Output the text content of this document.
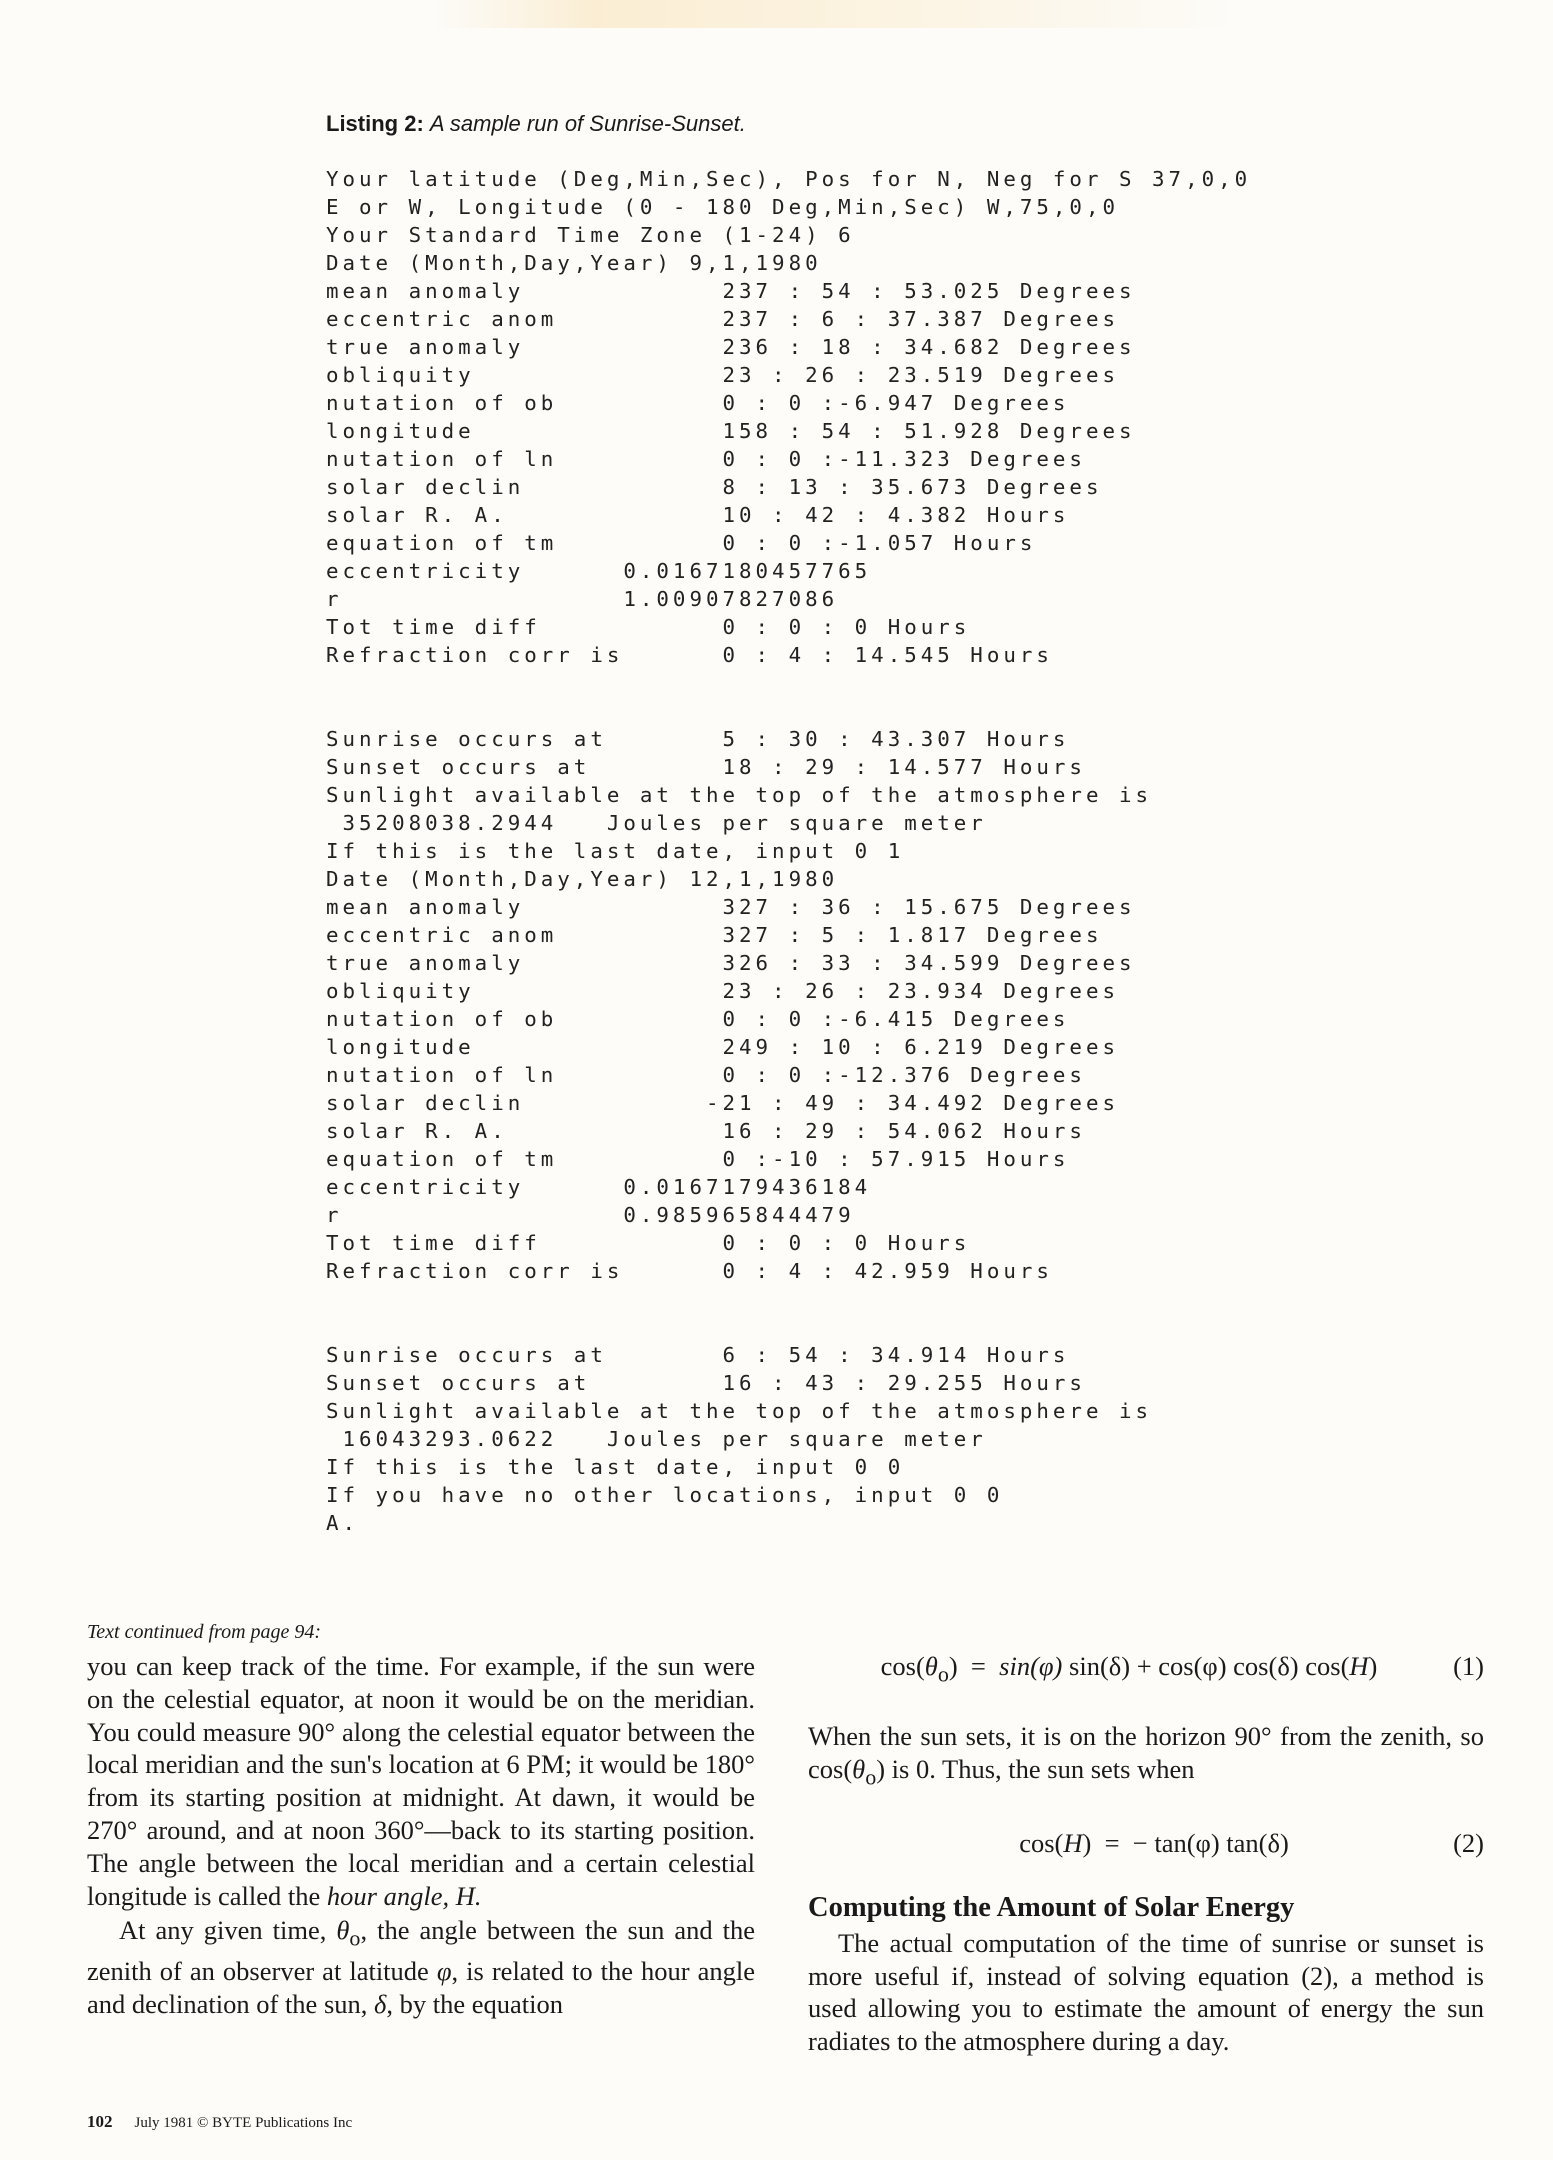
Listing 2: A sample run of Sunrise-Sunset.

Your latitude (Deg,Min,Sec), Pos for N, Neg for S 37,0,0
E or W, Longitude (0 - 180 Deg,Min,Sec) W,75,0,0
Your Standard Time Zone (1-24) 6
Date (Month,Day,Year) 9,1,1980
mean anomaly            237 : 54 : 53.025 Degrees
eccentric anom          237 : 6 : 37.387 Degrees
true anomaly            236 : 18 : 34.682 Degrees
obliquity               23 : 26 : 23.519 Degrees
nutation of ob          0 : 0 :-6.947 Degrees
longitude               158 : 54 : 51.928 Degrees
nutation of ln          0 : 0 :-11.323 Degrees
solar declin            8 : 13 : 35.673 Degrees
solar R. A.             10 : 42 : 4.382 Hours
equation of tm          0 : 0 :-1.057 Hours
eccentricity      0.0167180457765
r                 1.00907827086
Tot time diff           0 : 0 : 0 Hours
Refraction corr is      0 : 4 : 14.545 Hours

Sunrise occurs at       5 : 30 : 43.307 Hours
Sunset occurs at        18 : 29 : 14.577 Hours
Sunlight available at the top of the atmosphere is
35208038.2944   Joules per square meter
If this is the last date, input 0 1
Date (Month,Day,Year) 12,1,1980
mean anomaly            327 : 36 : 15.675 Degrees
eccentric anom          327 : 5 : 1.817 Degrees
true anomaly            326 : 33 : 34.599 Degrees
obliquity               23 : 26 : 23.934 Degrees
nutation of ob          0 : 0 :-6.415 Degrees
longitude               249 : 10 : 6.219 Degrees
nutation of ln          0 : 0 :-12.376 Degrees
solar declin           -21 : 49 : 34.492 Degrees
solar R. A.             16 : 29 : 54.062 Hours
equation of tm          0 :-10 : 57.915 Hours
eccentricity      0.0167179436184
r                 0.985965844479
Tot time diff           0 : 0 : 0 Hours
Refraction corr is      0 : 4 : 42.959 Hours

Sunrise occurs at       6 : 54 : 34.914 Hours
Sunset occurs at        16 : 43 : 29.255 Hours
Sunlight available at the top of the atmosphere is
16043293.0622   Joules per square meter
If this is the last date, input 0 0
If you have no other locations, input 0 0
A.

Text continued from page 94:

you can keep track of the time. For example, if the sun were on the celestial equator, at noon it would be on the meridian. You could measure 90° along the celestial equator between the local meridian and the sun's location at 6 PM; it would be 180° from its starting position at midnight. At dawn, it would be 270° around, and at noon 360°—back to its starting position. The angle between the local meridian and a certain celestial longitude is called the hour angle, H.

At any given time, $\theta_o$, the angle between the sun and the zenith of an observer at latitude φ, is related to the hour angle and declination of the sun, δ, by the equation

$\cos(\theta_o) = \sin(\varphi) \sin(\delta) + \cos(\varphi)$ cos(δ) cos(H)	(1)

When the sun sets, it is on the horizon 90° from the zenith, so $\cos(\theta_o)$ is 0. Thus, the sun sets when

cos(H)  =  − tan(φ) tan(δ)	(2)
Computing the Amount of Solar Energy

The actual computation of the time of sunrise or sunset is more useful if, instead of solving equation (2), a method is used allowing you to estimate the amount of energy the sun radiates to the atmosphere during a day.

102 July 1981 © BYTE Publications Inc
